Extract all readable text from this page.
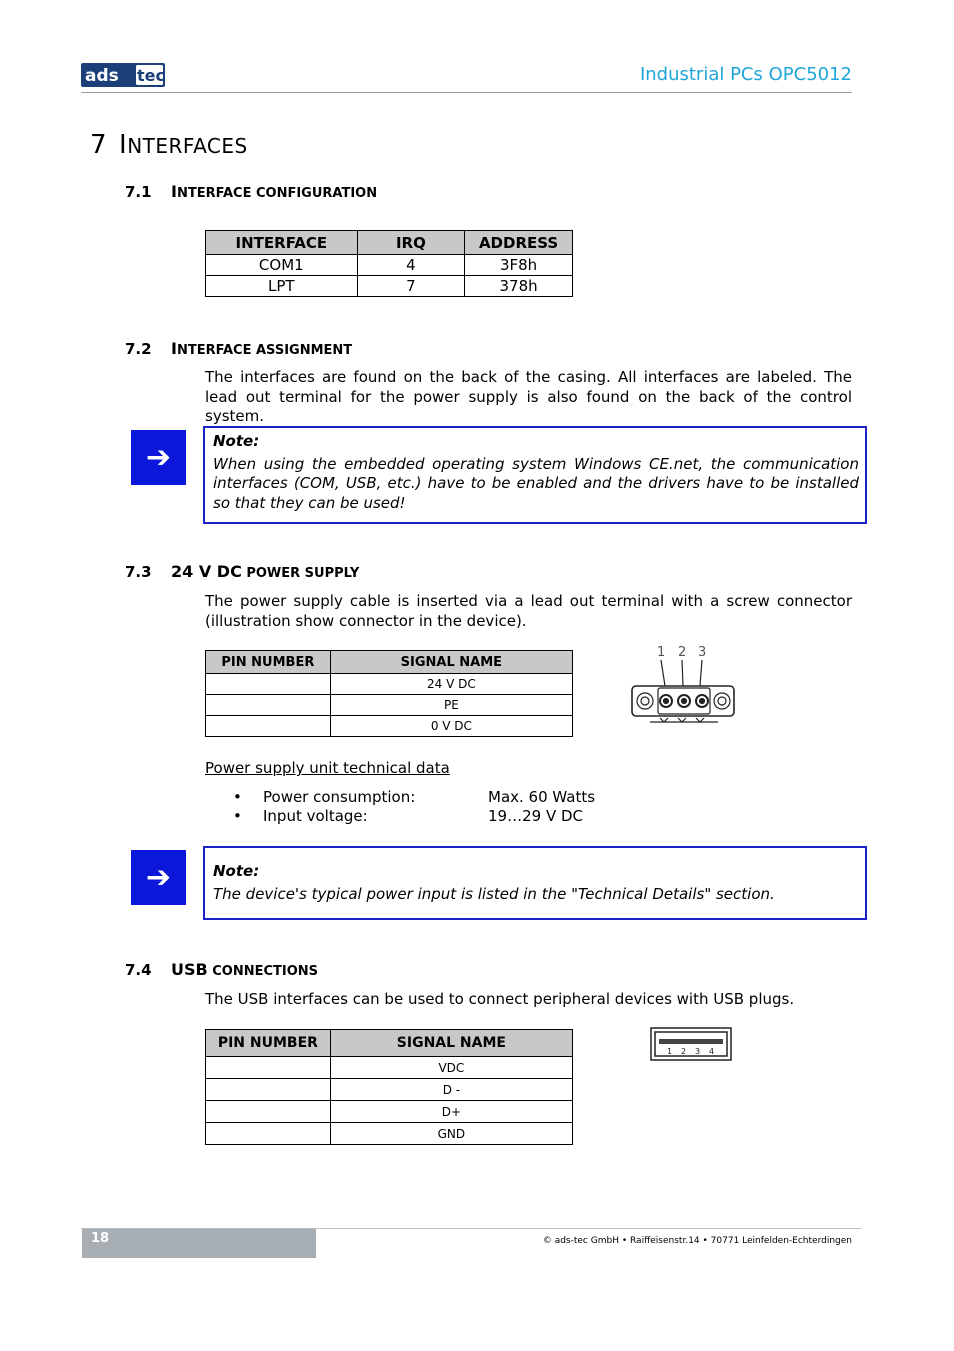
ads tec	Industrial PCs OPC5012
7 INTERFACES
7.1 INTERFACE CONFIGURATION
INTERFACE	IRQ	ADDRESS
COM1	4	3F8h
LPT	7	378h
7.2 INTERFACE ASSIGNMENT
The interfaces are found on the back of the casing. All interfaces are labeled. The lead out terminal for the power supply is also found on the back of the control system.
➔	Note:
When using the embedded operating system Windows CE.net, the communication interfaces (COM, USB, etc.) have to be enabled and the drivers have to be installed so that they can be used!
7.3 24 V DC POWER SUPPLY
The power supply cable is inserted via a lead out terminal with a screw connector (illustration show connector in the device).
PIN NUMBER	SIGNAL NAME
	24 V DC
	PE
	0 V DC
1 2 3
Power supply unit technical data
• Power consumption:	Max. 60 Watts
• Input voltage:	19…29 V DC
➔	Note:
The device's typical power input is listed in the "Technical Details" section.
7.4 USB CONNECTIONS
The USB interfaces can be used to connect peripheral devices with USB plugs.
PIN NUMBER	SIGNAL NAME
	VDC
	D -
	D+
	GND
1 2 3 4
18	© ads-tec GmbH • Raiffeisenstr.14 • 70771 Leinfelden-Echterdingen
